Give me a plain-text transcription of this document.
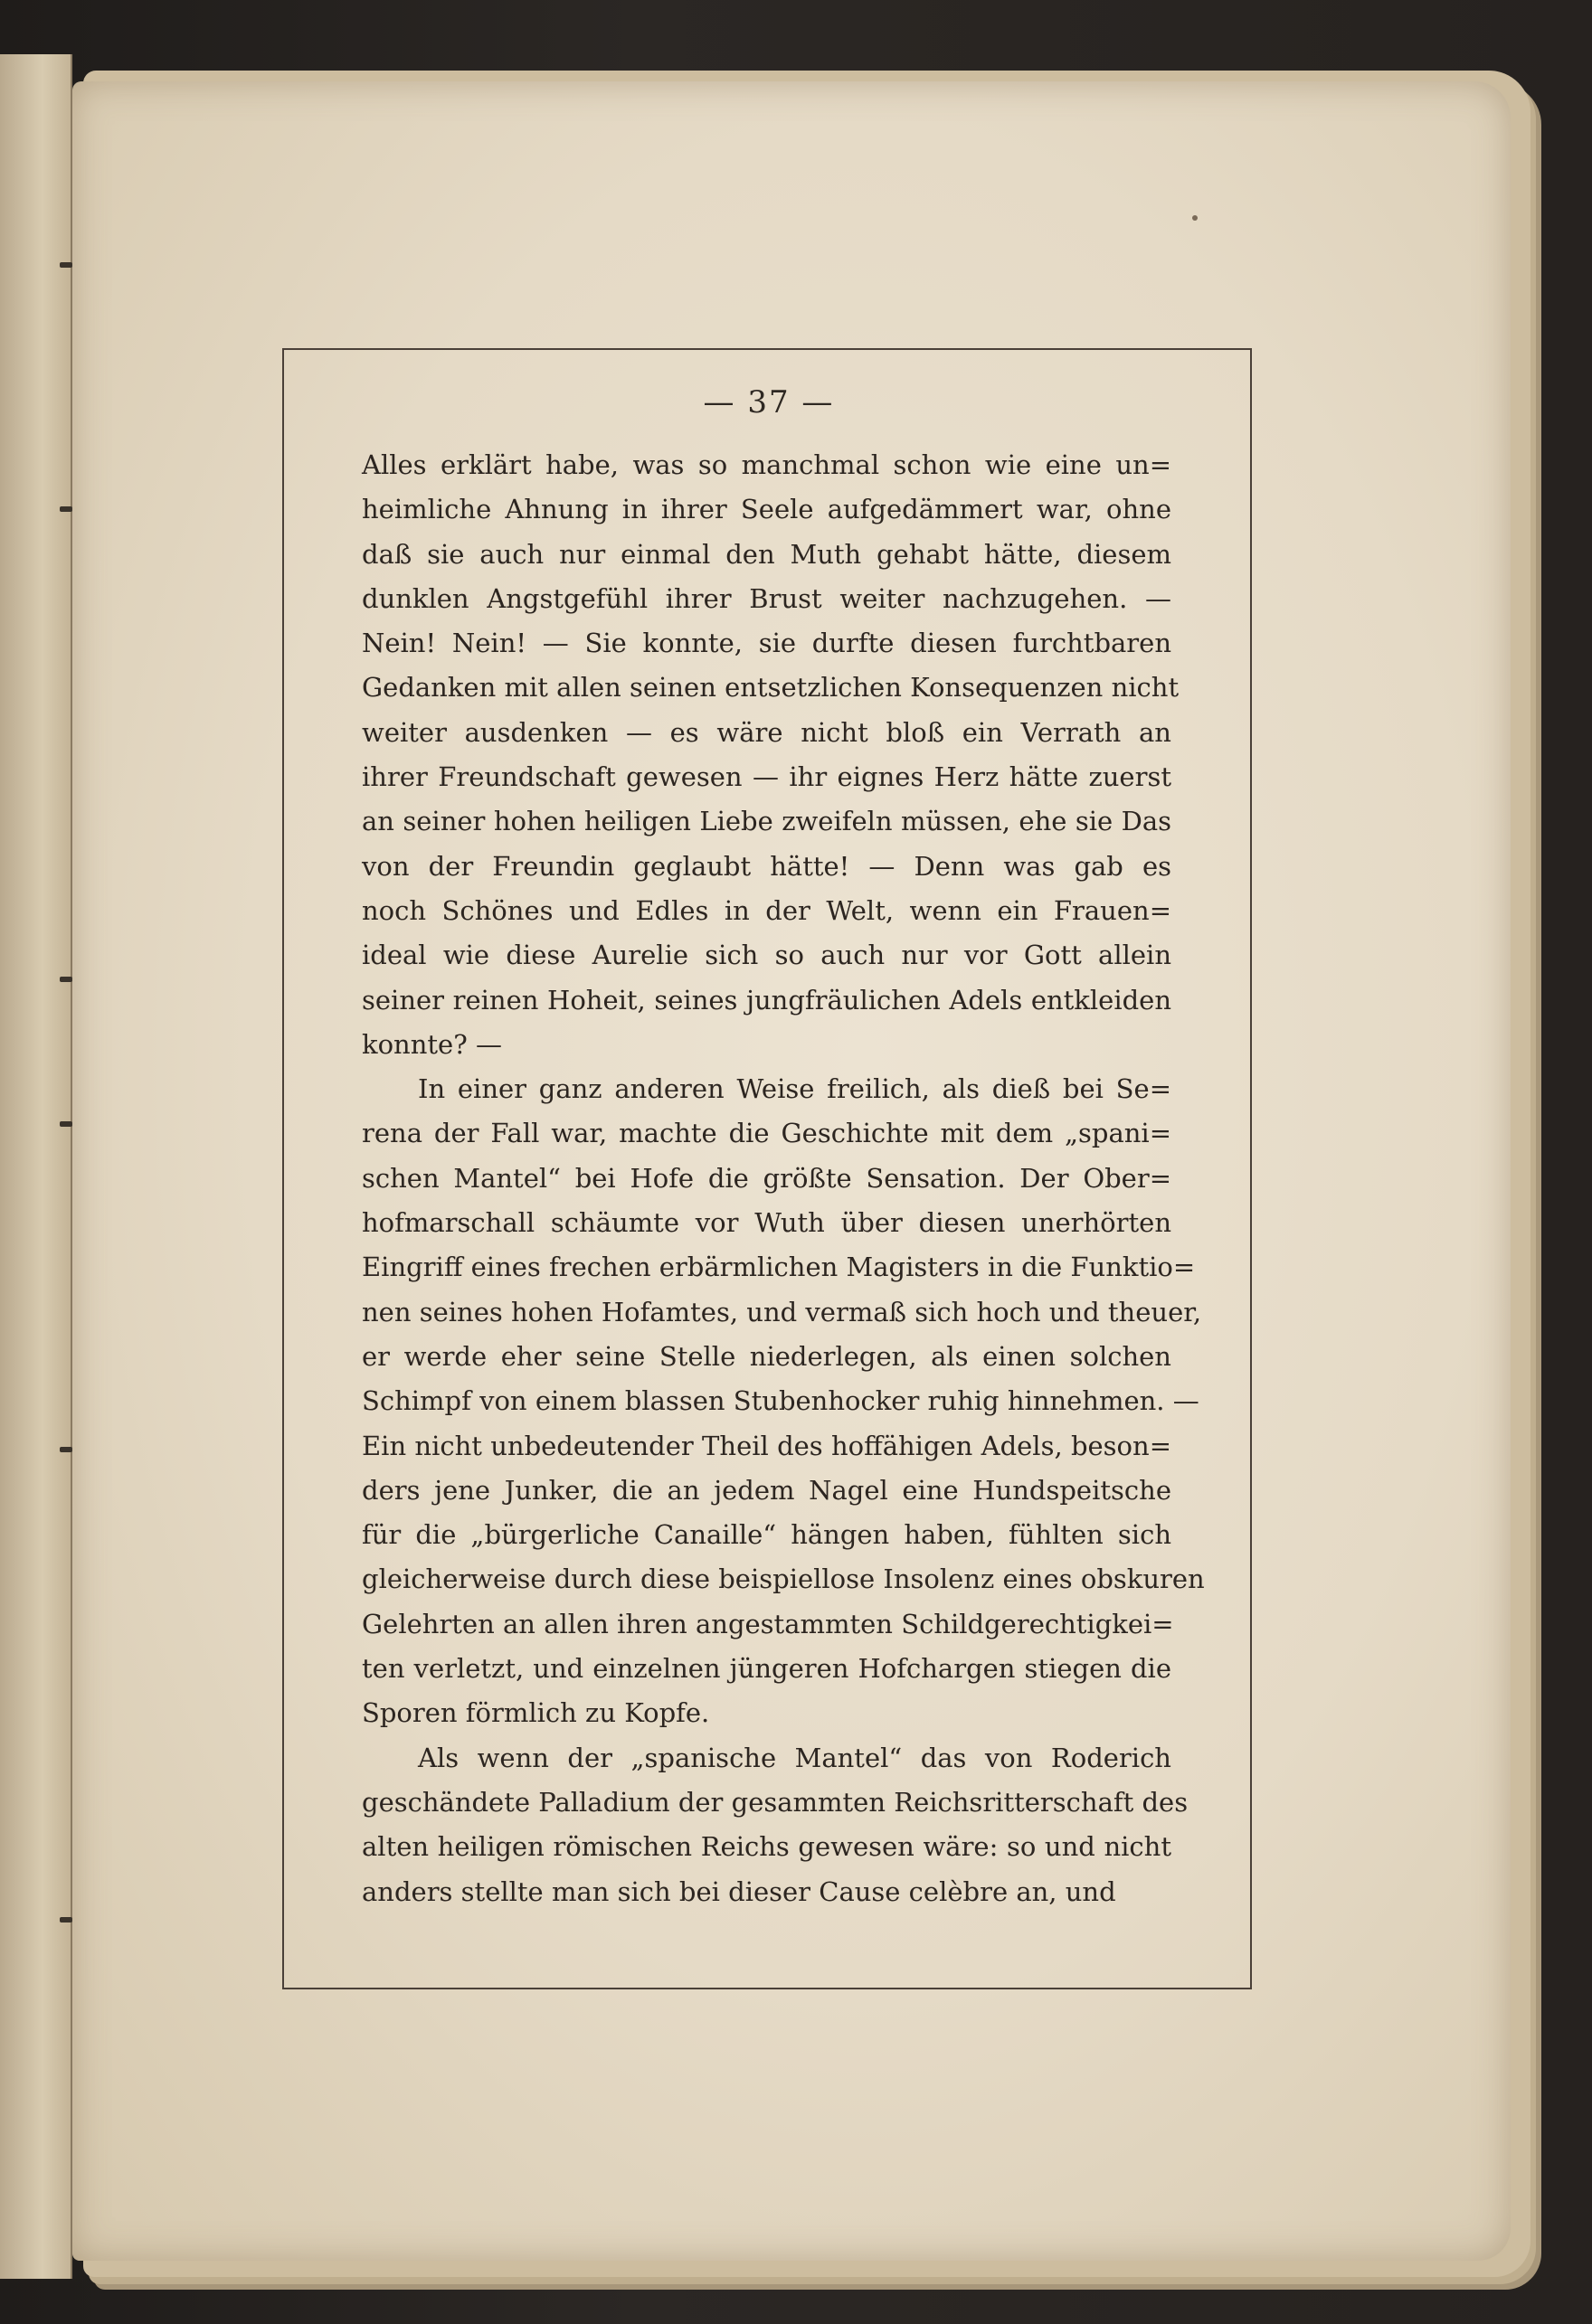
— 37 —
Alles erklärt habe, was so manchmal schon wie eine un=
heimliche Ahnung in ihrer Seele aufgedämmert war, ohne
daß sie auch nur einmal den Muth gehabt hätte, diesem
dunklen Angstgefühl ihrer Brust weiter nachzugehen. —
Nein! Nein! — Sie konnte, sie durfte diesen furchtbaren
Gedanken mit allen seinen entsetzlichen Konsequenzen nicht
weiter ausdenken — es wäre nicht bloß ein Verrath an
ihrer Freundschaft gewesen — ihr eignes Herz hätte zuerst
an seiner hohen heiligen Liebe zweifeln müssen, ehe sie Das
von der Freundin geglaubt hätte! — Denn was gab es
noch Schönes und Edles in der Welt, wenn ein Frauen=
ideal wie diese Aurelie sich so auch nur vor Gott allein
seiner reinen Hoheit, seines jungfräulichen Adels entkleiden
konnte? —
In einer ganz anderen Weise freilich, als dieß bei Se=
rena der Fall war, machte die Geschichte mit dem „spani=
schen Mantel“ bei Hofe die größte Sensation. Der Ober=
hofmarschall schäumte vor Wuth über diesen unerhörten
Eingriff eines frechen erbärmlichen Magisters in die Funktio=
nen seines hohen Hofamtes, und vermaß sich hoch und theuer,
er werde eher seine Stelle niederlegen, als einen solchen
Schimpf von einem blassen Stubenhocker ruhig hinnehmen. —
Ein nicht unbedeutender Theil des hoffähigen Adels, beson=
ders jene Junker, die an jedem Nagel eine Hundspeitsche
für die „bürgerliche Canaille“ hängen haben, fühlten sich
gleicherweise durch diese beispiellose Insolenz eines obskuren
Gelehrten an allen ihren angestammten Schildgerechtigkei=
ten verletzt, und einzelnen jüngeren Hofchargen stiegen die
Sporen förmlich zu Kopfe.
Als wenn der „spanische Mantel“ das von Roderich
geschändete Palladium der gesammten Reichsritterschaft des
alten heiligen römischen Reichs gewesen wäre: so und nicht
anders stellte man sich bei dieser Cause celèbre an, und
